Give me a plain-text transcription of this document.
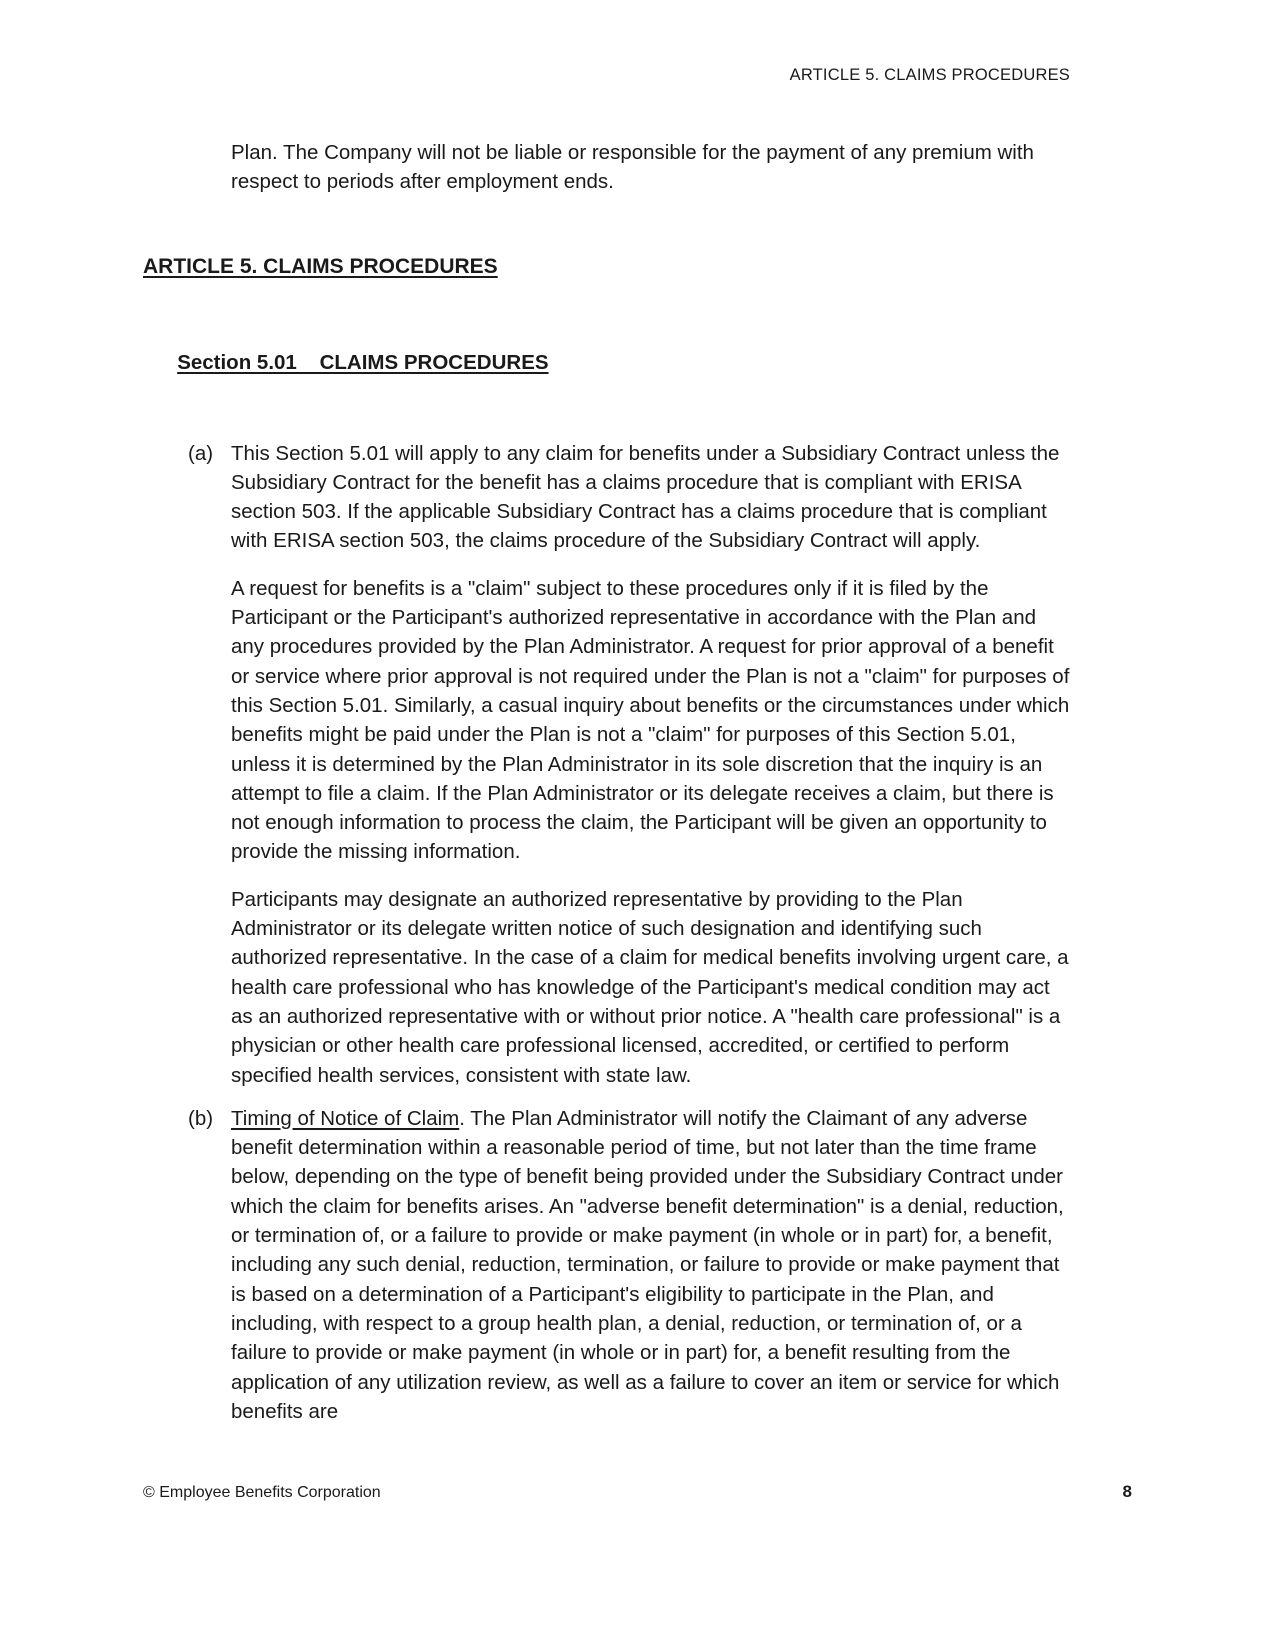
ARTICLE 5. CLAIMS PROCEDURES

Plan. The Company will not be liable or responsible for the payment of any premium with respect to periods after employment ends.

ARTICLE 5. CLAIMS PROCEDURES

Section 5.01    CLAIMS PROCEDURES

(a) This Section 5.01 will apply to any claim for benefits under a Subsidiary Contract unless the Subsidiary Contract for the benefit has a claims procedure that is compliant with ERISA section 503. If the applicable Subsidiary Contract has a claims procedure that is compliant with ERISA section 503, the claims procedure of the Subsidiary Contract will apply.

A request for benefits is a "claim" subject to these procedures only if it is filed by the Participant or the Participant's authorized representative in accordance with the Plan and any procedures provided by the Plan Administrator. A request for prior approval of a benefit or service where prior approval is not required under the Plan is not a "claim" for purposes of this Section 5.01. Similarly, a casual inquiry about benefits or the circumstances under which benefits might be paid under the Plan is not a "claim" for purposes of this Section 5.01, unless it is determined by the Plan Administrator in its sole discretion that the inquiry is an attempt to file a claim. If the Plan Administrator or its delegate receives a claim, but there is not enough information to process the claim, the Participant will be given an opportunity to provide the missing information.

Participants may designate an authorized representative by providing to the Plan Administrator or its delegate written notice of such designation and identifying such authorized representative. In the case of a claim for medical benefits involving urgent care, a health care professional who has knowledge of the Participant's medical condition may act as an authorized representative with or without prior notice. A "health care professional" is a physician or other health care professional licensed, accredited, or certified to perform specified health services, consistent with state law.

(b) Timing of Notice of Claim. The Plan Administrator will notify the Claimant of any adverse benefit determination within a reasonable period of time, but not later than the time frame below, depending on the type of benefit being provided under the Subsidiary Contract under which the claim for benefits arises. An "adverse benefit determination" is a denial, reduction, or termination of, or a failure to provide or make payment (in whole or in part) for, a benefit, including any such denial, reduction, termination, or failure to provide or make payment that is based on a determination of a Participant's eligibility to participate in the Plan, and including, with respect to a group health plan, a denial, reduction, or termination of, or a failure to provide or make payment (in whole or in part) for, a benefit resulting from the application of any utilization review, as well as a failure to cover an item or service for which benefits are

© Employee Benefits Corporation	8
